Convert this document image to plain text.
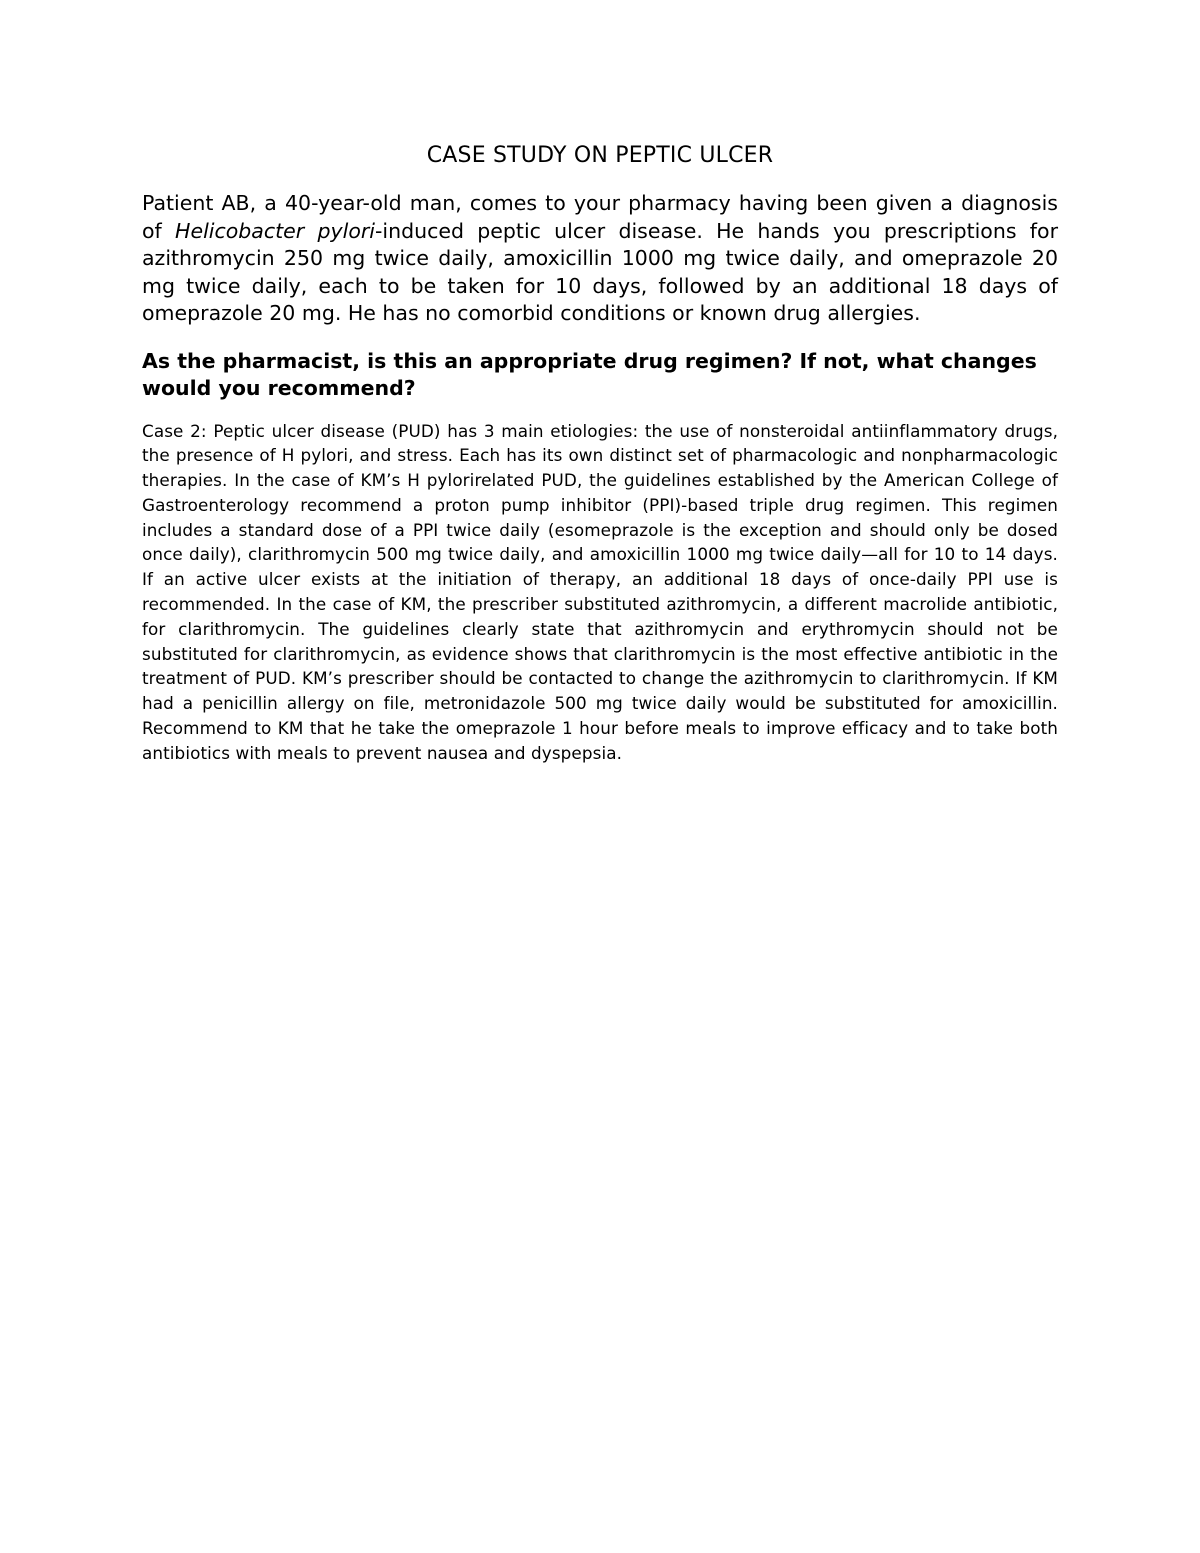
CASE STUDY ON PEPTIC ULCER

Patient AB, a 40-year-old man, comes to your pharmacy having been given a diagnosis of Helicobacter pylori-induced peptic ulcer disease. He hands you prescriptions for azithromycin 250 mg twice daily, amoxicillin 1000 mg twice daily, and omeprazole 20 mg twice daily, each to be taken for 10 days, followed by an additional 18 days of omeprazole 20 mg. He has no comorbid conditions or known drug allergies.

As the pharmacist, is this an appropriate drug regimen? If not, what changes would you recommend?

Case 2: Peptic ulcer disease (PUD) has 3 main etiologies: the use of nonsteroidal antiinflammatory drugs, the presence of H pylori, and stress. Each has its own distinct set of pharmacologic and nonpharmacologic therapies. In the case of KM’s H pylorirelated PUD, the guidelines established by the American College of Gastroenterology recommend a proton pump inhibitor (PPI)-based triple drug regimen. This regimen includes a standard dose of a PPI twice daily (esomeprazole is the exception and should only be dosed once daily), clarithromycin 500 mg twice daily, and amoxicillin 1000 mg twice daily—all for 10 to 14 days. If an active ulcer exists at the initiation of therapy, an additional 18 days of once-daily PPI use is recommended. In the case of KM, the prescriber substituted azithromycin, a different macrolide antibiotic, for clarithromycin. The guidelines clearly state that azithromycin and erythromycin should not be substituted for clarithromycin, as evidence shows that clarithromycin is the most effective antibiotic in the treatment of PUD. KM’s prescriber should be contacted to change the azithromycin to clarithromycin. If KM had a penicillin allergy on file, metronidazole 500 mg twice daily would be substituted for amoxicillin. Recommend to KM that he take the omeprazole 1 hour before meals to improve efficacy and to take both antibiotics with meals to prevent nausea and dyspepsia.
